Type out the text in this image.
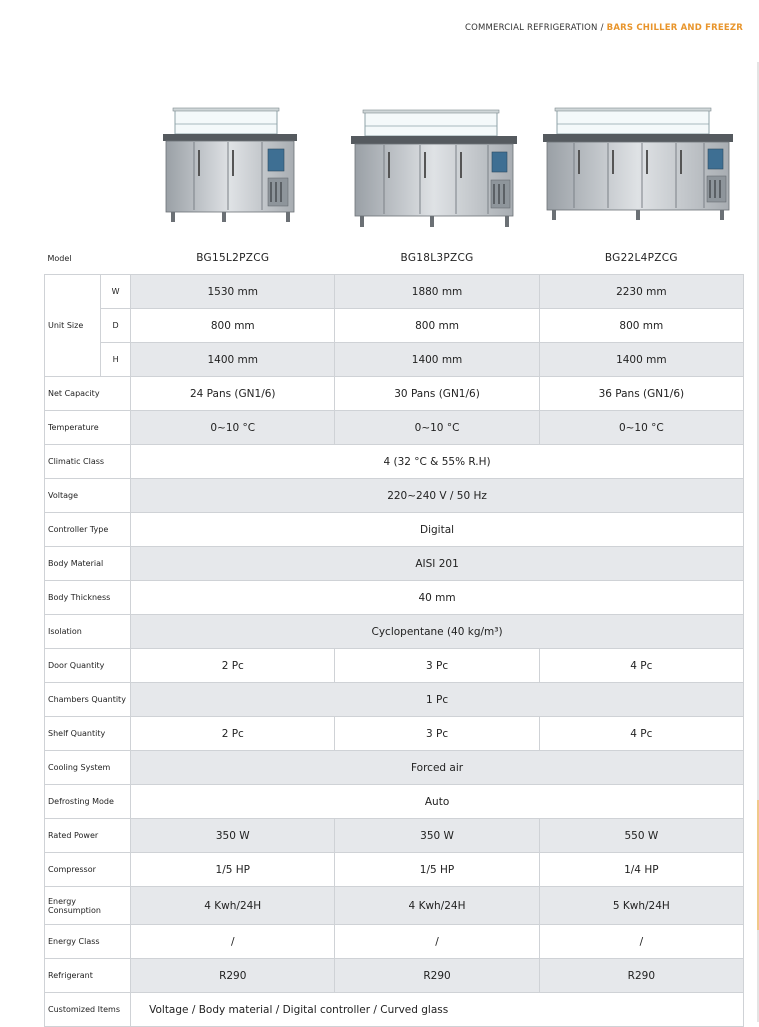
COMMERCIAL REFRIGERATION / BARS CHILLER AND FREEZR
Model		BG15L2PZCG	BG18L3PZCG	BG22L4PZCG
Unit Size	W	1530 mm	1880 mm	2230 mm
	D	800 mm	800 mm	800 mm
	H	1400 mm	1400 mm	1400 mm
Net Capacity		24 Pans (GN1/6)	30 Pans (GN1/6)	36 Pans (GN1/6)
Temperature		0~10 °C	0~10 °C	0~10 °C
Climatic Class		4 (32 °C & 55% R.H)		
Voltage		220~240 V / 50 Hz		
Controller Type		Digital		
Body Material		AISI 201		
Body Thickness		40 mm		
Isolation		Cyclopentane (40 kg/m³)		
Door Quantity		2 Pc	3 Pc	4 Pc
Chambers Quantity		1 Pc		
Shelf Quantity		2 Pc	3 Pc	4 Pc
Cooling System		Forced air		
Defrosting Mode		Auto		
Rated Power		350 W	350 W	550 W
Compressor		1/5 HP	1/5 HP	1/4 HP
Energy Consumption		4 Kwh/24H	4 Kwh/24H	5 Kwh/24H
Energy Class		/	/	/
Refrigerant		R290	R290	R290
Customized Items		Voltage / Body material / Digital controller / Curved glass		
